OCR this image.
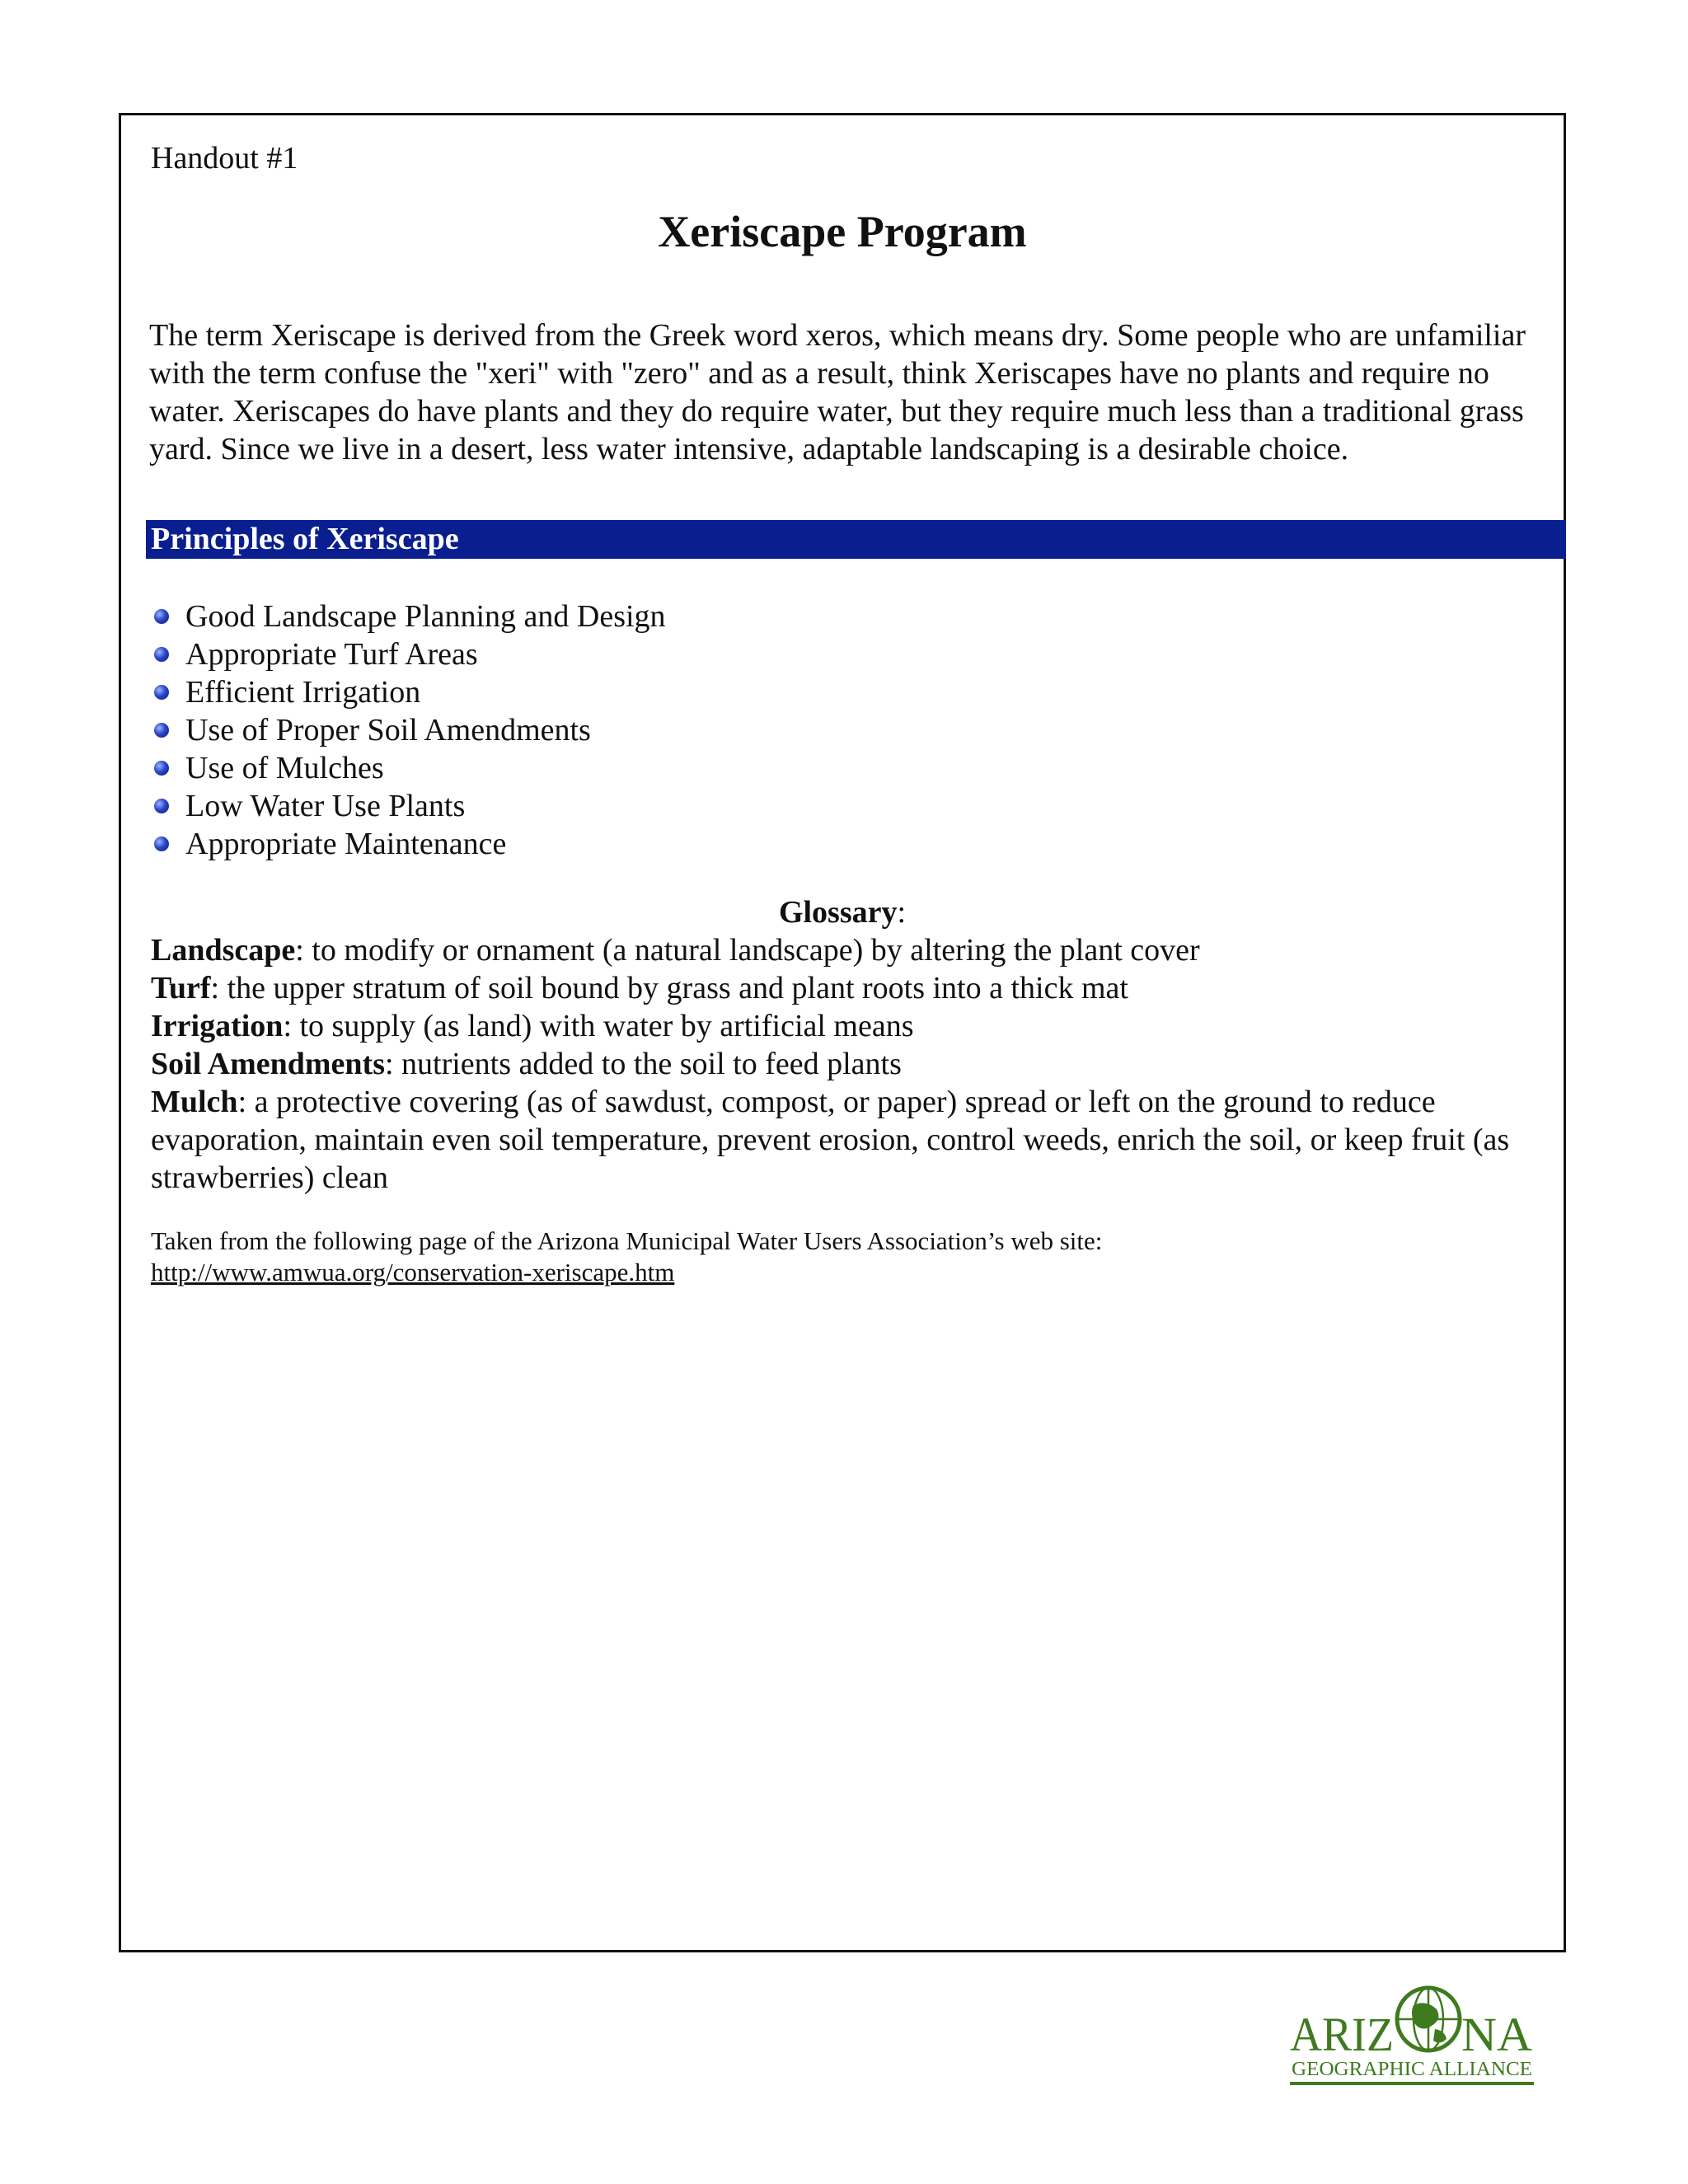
Handout #1
Xeriscape Program
The term Xeriscape is derived from the Greek word xeros, which means dry. Some people who are unfamiliar with the term confuse the "xeri" with "zero" and as a result, think Xeriscapes have no plants and require no water. Xeriscapes do have plants and they do require water, but they require much less than a traditional grass yard. Since we live in a desert, less water intensive, adaptable landscaping is a desirable choice.
Principles of Xeriscape
Good Landscape Planning and Design
Appropriate Turf Areas
Efficient Irrigation
Use of Proper Soil Amendments
Use of Mulches
Low Water Use Plants
Appropriate Maintenance
Glossary:

Landscape: to modify or ornament (a natural landscape) by altering the plant cover

Turf: the upper stratum of soil bound by grass and plant roots into a thick mat

Irrigation: to supply (as land) with water by artificial means

Soil Amendments: nutrients added to the soil to feed plants

Mulch: a protective covering (as of sawdust, compost, or paper) spread or left on the ground to reduce evaporation, maintain even soil temperature, prevent erosion, control weeds, enrich the soil, or keep fruit (as strawberries) clean

Taken from the following page of the Arizona Municipal Water Users Association’s web site:
http://www.amwua.org/conservation-xeriscape.htm
ARIZ NA
GEOGRAPHIC ALLIANCE
